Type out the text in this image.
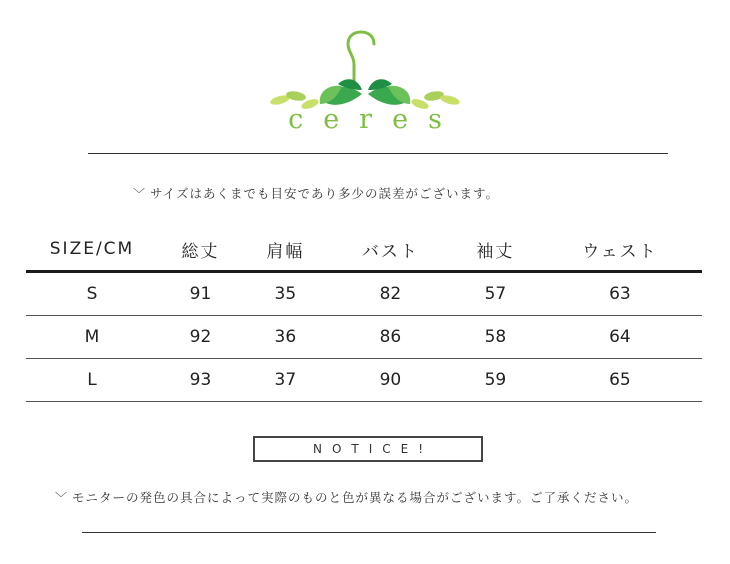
ceres
﹀ サイズはあくまでも目安であり多少の誤差がございます。
SIZE/CM	総丈	肩幅	バスト	袖丈	ウェスト
S	91	35	82	57	63
M	92	36	86	58	64
L	93	37	90	59	65
NOTICE!
﹀ モニターの発色の具合によって実際のものと色が異なる場合がございます。ご了承ください。
